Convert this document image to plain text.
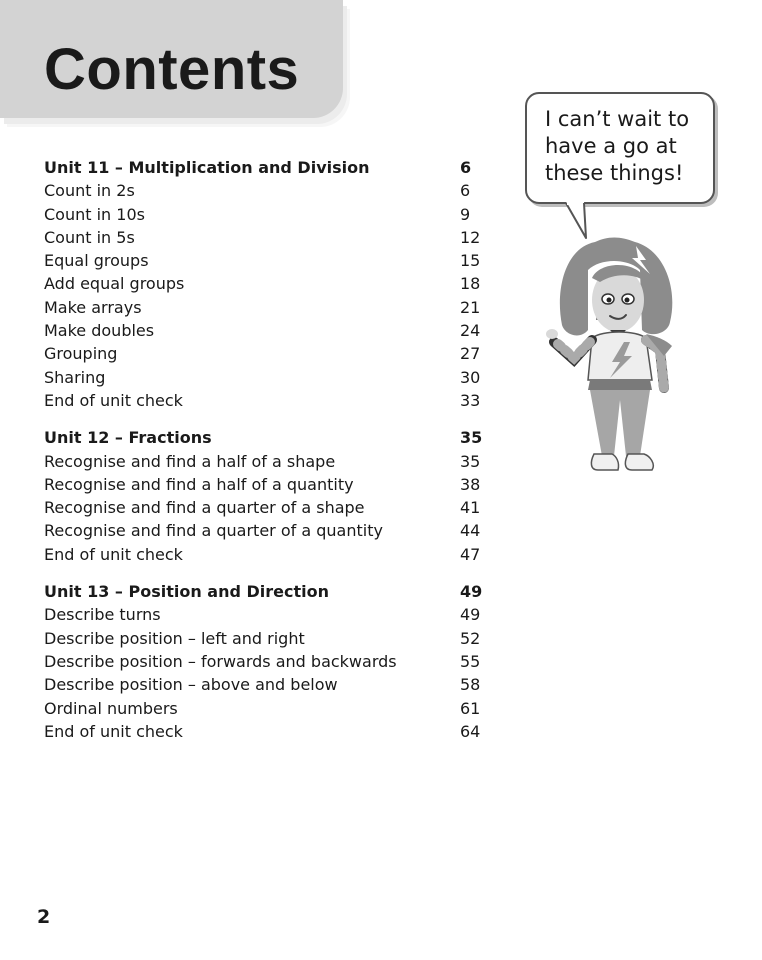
Contents
Unit 11 – Multiplication and Division	6
Count in 2s	6
Count in 10s	9
Count in 5s	12
Equal groups	15
Add equal groups	18
Make arrays	21
Make doubles	24
Grouping	27
Sharing	30
End of unit check	33
Unit 12 – Fractions	35
Recognise and find a half of a shape	35
Recognise and find a half of a quantity	38
Recognise and find a quarter of a shape	41
Recognise and find a quarter of a quantity	44
End of unit check	47
Unit 13 – Position and Direction	49
Describe turns	49
Describe position – left and right	52
Describe position – forwards and backwards	55
Describe position – above and below	58
Ordinal numbers	61
End of unit check	64
I can’t wait to have a go at these things!
2
